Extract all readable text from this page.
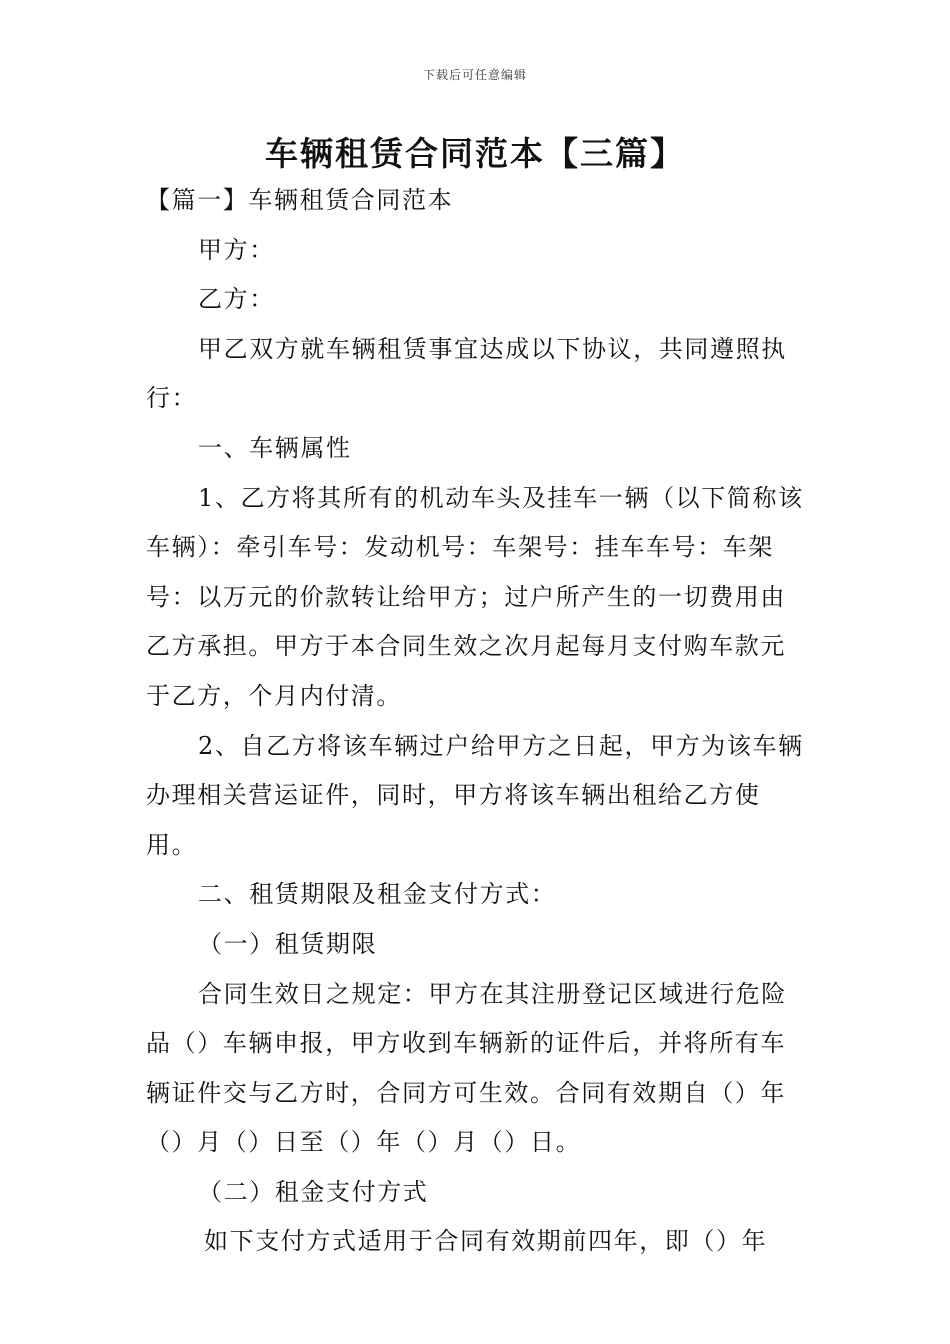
下载后可任意编辑
车辆租赁合同范本【三篇】

【篇一】车辆租赁合同范本

甲方：

乙方：

甲乙双方就车辆租赁事宜达成以下协议，共同遵照执行：

一、车辆属性

1、乙方将其所有的机动车头及挂车一辆（以下简称该车辆）：牵引车号：发动机号：车架号：挂车车号：车架号：以万元的价款转让给甲方；过户所产生的一切费用由乙方承担。甲方于本合同生效之次月起每月支付购车款元于乙方，个月内付清。

2、自乙方将该车辆过户给甲方之日起，甲方为该车辆办理相关营运证件，同时，甲方将该车辆出租给乙方使用。

二、租赁期限及租金支付方式：

（一）租赁期限

合同生效日之规定：甲方在其注册登记区域进行危险品（）车辆申报，甲方收到车辆新的证件后，并将所有车辆证件交与乙方时，合同方可生效。合同有效期自（）年（）月（）日至（）年（）月（）日。

（二）租金支付方式

如下支付方式适用于合同有效期前四年，即（）年
